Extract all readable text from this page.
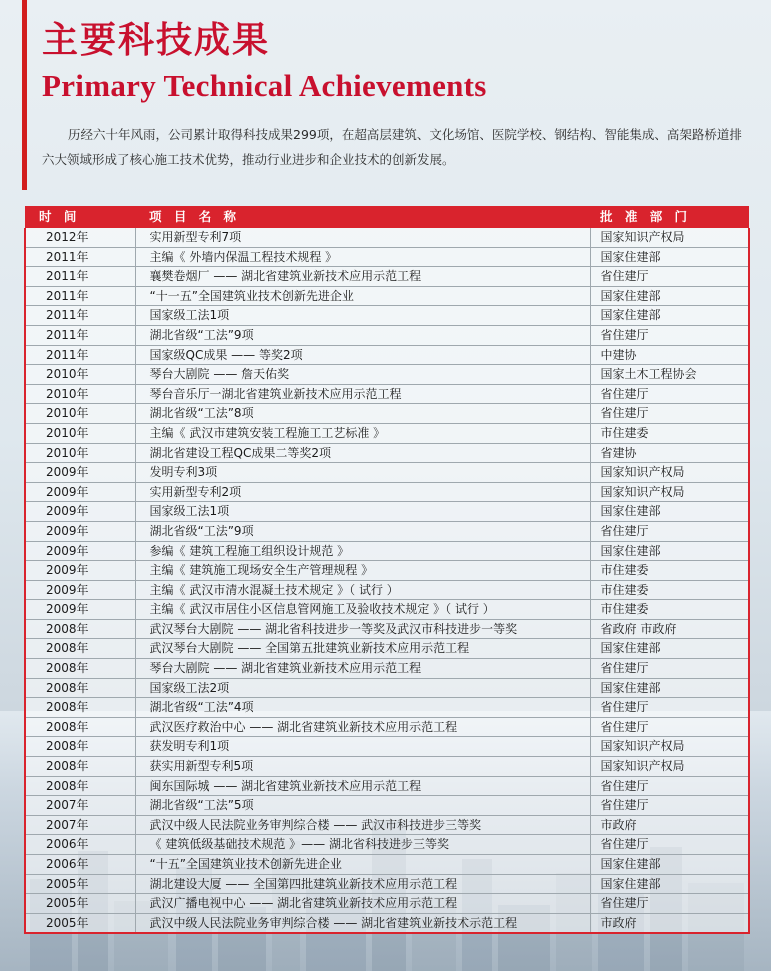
主要科技成果
Primary Technical Achievements

历经六十年风雨，公司累计取得科技成果299项，在超高层建筑、文化场馆、医院学校、钢结构、智能集成、高架路桥道排

六大领域形成了核心施工技术优势，推动行业进步和企业技术的创新发展。

时 间	项 目 名 称	批 准 部 门
2012年	实用新型专利7项	国家知识产权局
2011年	主编《 外墙内保温工程技术规程 》	国家住建部
2011年	襄樊卷烟厂 —— 湖北省建筑业新技术应用示范工程	省住建厅
2011年	“十一五”全国建筑业技术创新先进企业	国家住建部
2011年	国家级工法1项	国家住建部
2011年	湖北省级“工法”9项	省住建厅
2011年	国家级QC成果 —— 等奖2项	中建协
2010年	琴台大剧院 —— 詹天佑奖	国家土木工程协会
2010年	琴台音乐厅一湖北省建筑业新技术应用示范工程	省住建厅
2010年	湖北省级“工法”8项	省住建厅
2010年	主编《 武汉市建筑安装工程施工工艺标准 》	市住建委
2010年	湖北省建设工程QC成果二等奖2项	省建协
2009年	发明专利3项	国家知识产权局
2009年	实用新型专利2项	国家知识产权局
2009年	国家级工法1项	国家住建部
2009年	湖北省级“工法”9项	省住建厅
2009年	参编《 建筑工程施工组织设计规范 》	国家住建部
2009年	主编《 建筑施工现场安全生产管理规程 》	市住建委
2009年	主编《 武汉市清水混凝土技术规定 》（ 试行 ）	市住建委
2009年	主编《 武汉市居住小区信息管网施工及验收技术规定 》（ 试行 ）	市住建委
2008年	武汉琴台大剧院 —— 湖北省科技进步一等奖及武汉市科技进步一等奖	省政府 市政府
2008年	武汉琴台大剧院 —— 全国第五批建筑业新技术应用示范工程	国家住建部
2008年	琴台大剧院 —— 湖北省建筑业新技术应用示范工程	省住建厅
2008年	国家级工法2项	国家住建部
2008年	湖北省级“工法”4项	省住建厅
2008年	武汉医疗救治中心 —— 湖北省建筑业新技术应用示范工程	省住建厅
2008年	获发明专利1项	国家知识产权局
2008年	获实用新型专利5项	国家知识产权局
2008年	闽东国际城 —— 湖北省建筑业新技术应用示范工程	省住建厅
2007年	湖北省级“工法”5项	省住建厅
2007年	武汉中级人民法院业务审判综合楼 —— 武汉市科技进步三等奖	市政府
2006年	《 建筑低级基础技术规范 》—— 湖北省科技进步三等奖	省住建厅
2006年	“十五”全国建筑业技术创新先进企业	国家住建部
2005年	湖北建设大厦 —— 全国第四批建筑业新技术应用示范工程	国家住建部
2005年	武汉广播电视中心 —— 湖北省建筑业新技术应用示范工程	省住建厅
2005年	武汉中级人民法院业务审判综合楼 —— 湖北省建筑业新技术示范工程	市政府
